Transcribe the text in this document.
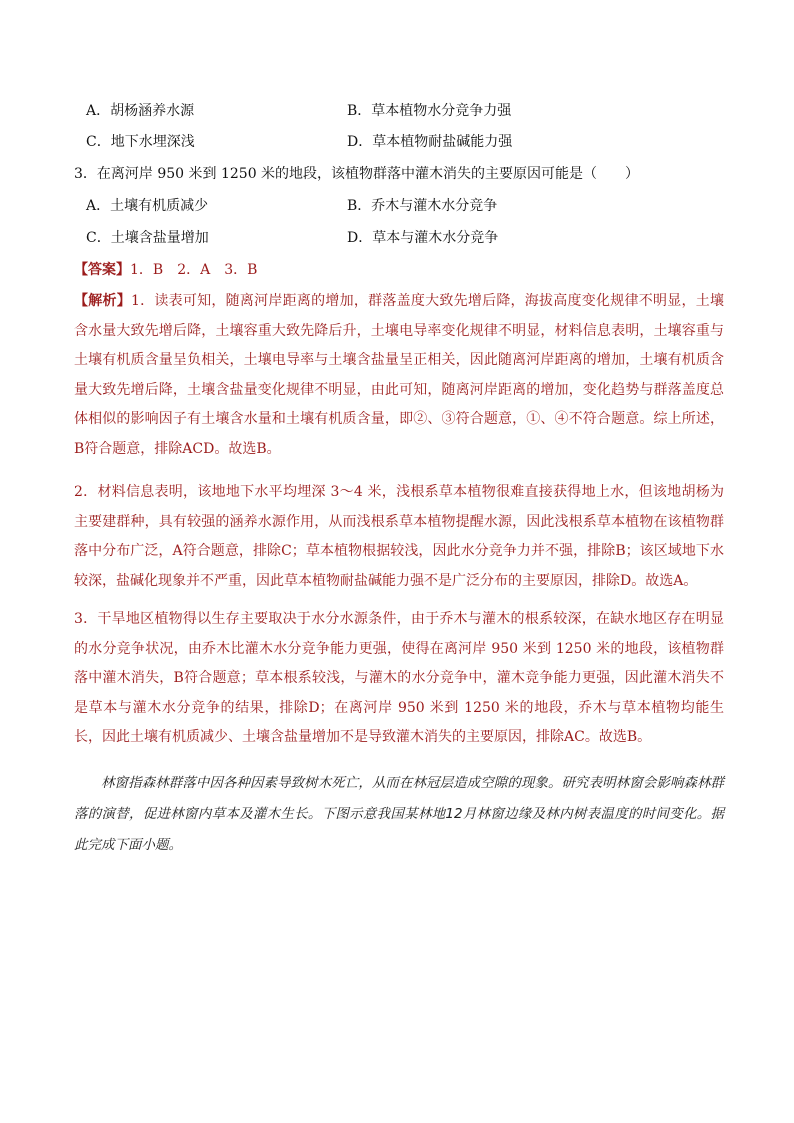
A．胡杨涵养水源	B．草本植物水分竞争力强
C．地下水埋深浅	D．草本植物耐盐碱能力强
3．在离河岸 950 米到 1250 米的地段，该植物群落中灌木消失的主要原因可能是（　　）
A．土壤有机质减少	B．乔木与灌木水分竞争
C．土壤含盐量增加	D．草本与灌木水分竞争
【答案】1．B　2．A　3．B

【解析】1．读表可知，随离河岸距离的增加，群落盖度大致先增后降，海拔高度变化规律不明显，土壤含水量大致先增后降，土壤容重大致先降后升，土壤电导率变化规律不明显，材料信息表明，土壤容重与土壤有机质含量呈负相关，土壤电导率与土壤含盐量呈正相关，因此随离河岸距离的增加，土壤有机质含量大致先增后降，土壤含盐量变化规律不明显，由此可知，随离河岸距离的增加，变化趋势与群落盖度总体相似的影响因子有土壤含水量和土壤有机质含量，即②、③符合题意，①、④不符合题意。综上所述，B符合题意，排除ACD。故选B。

2．材料信息表明，该地地下水平均埋深 3～4 米，浅根系草本植物很难直接获得地上水，但该地胡杨为主要建群种，具有较强的涵养水源作用，从而浅根系草本植物提醒水源，因此浅根系草本植物在该植物群落中分布广泛，A符合题意，排除C；草本植物根据较浅，因此水分竞争力并不强，排除B；该区域地下水较深，盐碱化现象并不严重，因此草本植物耐盐碱能力强不是广泛分布的主要原因，排除D。故选A。

3．干旱地区植物得以生存主要取决于水分水源条件，由于乔木与灌木的根系较深，在缺水地区存在明显的水分竞争状况，由乔木比灌木水分竞争能力更强，使得在离河岸 950 米到 1250 米的地段，该植物群落中灌木消失，B符合题意；草本根系较浅，与灌木的水分竞争中，灌木竞争能力更强，因此灌木消失不是草本与灌木水分竞争的结果，排除D；在离河岸 950 米到 1250 米的地段，乔木与草本植物均能生长，因此土壤有机质减少、土壤含盐量增加不是导致灌木消失的主要原因，排除AC。故选B。

林窗指森林群落中因各种因素导致树木死亡，从而在林冠层造成空隙的现象。研究表明林窗会影响森林群落的演替，促进林窗内草本及灌木生长。下图示意我国某林地12月林窗边缘及林内树表温度的时间变化。据此完成下面小题。
